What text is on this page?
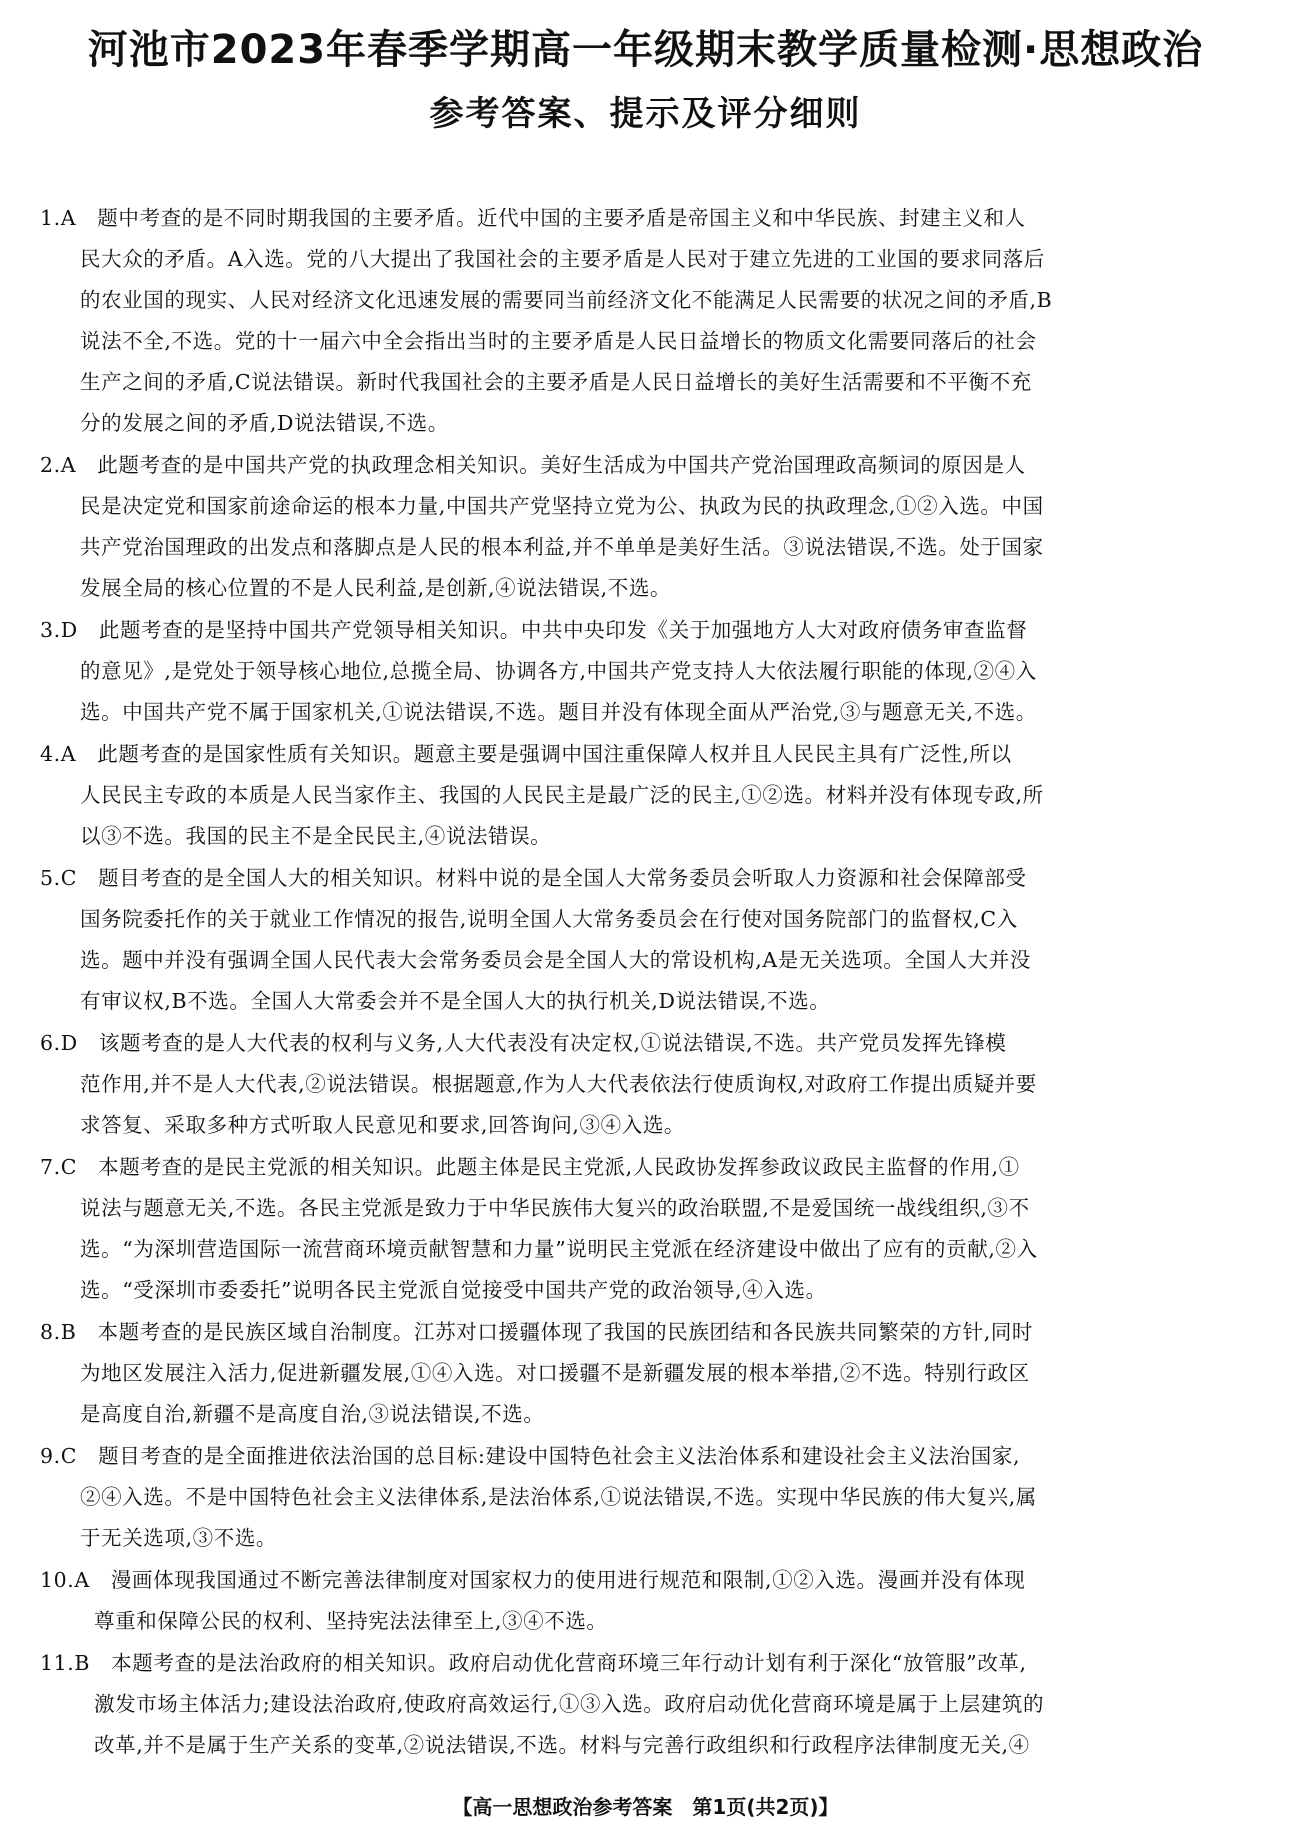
河池市2023年春季学期高一年级期末教学质量检测·思想政治
参考答案、提示及评分细则
1.A　题中考查的是不同时期我国的主要矛盾。近代中国的主要矛盾是帝国主义和中华民族、封建主义和人
民大众的矛盾。A入选。党的八大提出了我国社会的主要矛盾是人民对于建立先进的工业国的要求同落后
的农业国的现实、人民对经济文化迅速发展的需要同当前经济文化不能满足人民需要的状况之间的矛盾,B
说法不全,不选。党的十一届六中全会指出当时的主要矛盾是人民日益增长的物质文化需要同落后的社会
生产之间的矛盾,C说法错误。新时代我国社会的主要矛盾是人民日益增长的美好生活需要和不平衡不充
分的发展之间的矛盾,D说法错误,不选。
2.A　此题考查的是中国共产党的执政理念相关知识。美好生活成为中国共产党治国理政高频词的原因是人
民是决定党和国家前途命运的根本力量,中国共产党坚持立党为公、执政为民的执政理念,①②入选。中国
共产党治国理政的出发点和落脚点是人民的根本利益,并不单单是美好生活。③说法错误,不选。处于国家
发展全局的核心位置的不是人民利益,是创新,④说法错误,不选。
3.D　此题考查的是坚持中国共产党领导相关知识。中共中央印发《关于加强地方人大对政府债务审查监督
的意见》,是党处于领导核心地位,总揽全局、协调各方,中国共产党支持人大依法履行职能的体现,②④入
选。中国共产党不属于国家机关,①说法错误,不选。题目并没有体现全面从严治党,③与题意无关,不选。
4.A　此题考查的是国家性质有关知识。题意主要是强调中国注重保障人权并且人民民主具有广泛性,所以
人民民主专政的本质是人民当家作主、我国的人民民主是最广泛的民主,①②选。材料并没有体现专政,所
以③不选。我国的民主不是全民民主,④说法错误。
5.C　题目考查的是全国人大的相关知识。材料中说的是全国人大常务委员会听取人力资源和社会保障部受
国务院委托作的关于就业工作情况的报告,说明全国人大常务委员会在行使对国务院部门的监督权,C入
选。题中并没有强调全国人民代表大会常务委员会是全国人大的常设机构,A是无关选项。全国人大并没
有审议权,B不选。全国人大常委会并不是全国人大的执行机关,D说法错误,不选。
6.D　该题考查的是人大代表的权利与义务,人大代表没有决定权,①说法错误,不选。共产党员发挥先锋模
范作用,并不是人大代表,②说法错误。根据题意,作为人大代表依法行使质询权,对政府工作提出质疑并要
求答复、采取多种方式听取人民意见和要求,回答询问,③④入选。
7.C　本题考查的是民主党派的相关知识。此题主体是民主党派,人民政协发挥参政议政民主监督的作用,①
说法与题意无关,不选。各民主党派是致力于中华民族伟大复兴的政治联盟,不是爱国统一战线组织,③不
选。“为深圳营造国际一流营商环境贡献智慧和力量”说明民主党派在经济建设中做出了应有的贡献,②入
选。“受深圳市委委托”说明各民主党派自觉接受中国共产党的政治领导,④入选。
8.B　本题考查的是民族区域自治制度。江苏对口援疆体现了我国的民族团结和各民族共同繁荣的方针,同时
为地区发展注入活力,促进新疆发展,①④入选。对口援疆不是新疆发展的根本举措,②不选。特别行政区
是高度自治,新疆不是高度自治,③说法错误,不选。
9.C　题目考查的是全面推进依法治国的总目标:建设中国特色社会主义法治体系和建设社会主义法治国家,
②④入选。不是中国特色社会主义法律体系,是法治体系,①说法错误,不选。实现中华民族的伟大复兴,属
于无关选项,③不选。
10.A　漫画体现我国通过不断完善法律制度对国家权力的使用进行规范和限制,①②入选。漫画并没有体现
尊重和保障公民的权利、坚持宪法法律至上,③④不选。
11.B　本题考查的是法治政府的相关知识。政府启动优化营商环境三年行动计划有利于深化“放管服”改革,
激发市场主体活力;建设法治政府,使政府高效运行,①③入选。政府启动优化营商环境是属于上层建筑的
改革,并不是属于生产关系的变革,②说法错误,不选。材料与完善行政组织和行政程序法律制度无关,④
【高一思想政治参考答案　第1页(共2页)】
